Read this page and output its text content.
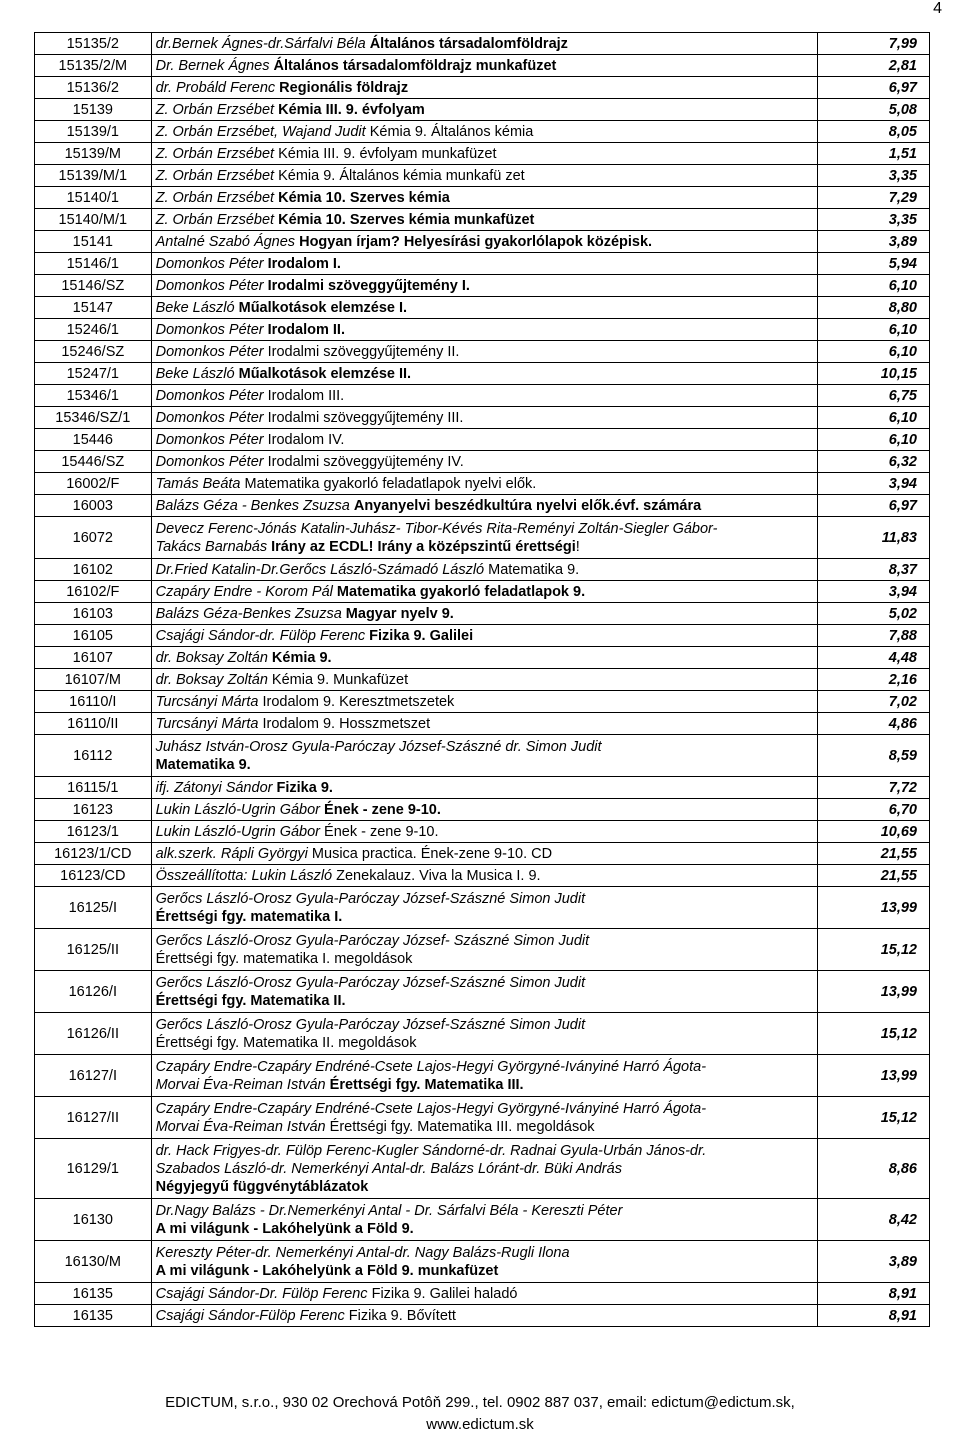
4
15135/2	dr.Bernek Ágnes-dr.Sárfalvi Béla Általános társadalomföldrajz	7,99
15135/2/M	Dr. Bernek Ágnes Általános társadalomföldrajz munkafüzet	2,81
15136/2	dr. Probáld Ferenc Regionális földrajz	6,97
15139	Z. Orbán Erzsébet Kémia III. 9. évfolyam	5,08
15139/1	Z. Orbán Erzsébet, Wajand Judit Kémia 9. Általános kémia	8,05
15139/M	Z. Orbán Erzsébet Kémia III. 9. évfolyam munkafüzet	1,51
15139/M/1	Z. Orbán Erzsébet Kémia 9. Általános kémia munkafü zet	3,35
15140/1	Z. Orbán Erzsébet Kémia 10. Szerves kémia	7,29
15140/M/1	Z. Orbán Erzsébet Kémia 10. Szerves kémia munkafüzet	3,35
15141	Antalné Szabó Ágnes Hogyan írjam? Helyesírási gyakorlólapok középisk.	3,89
15146/1	Domonkos Péter Irodalom I.	5,94
15146/SZ	Domonkos Péter Irodalmi szöveggyűjtemény I.	6,10
15147	Beke László Műalkotások elemzése I.	8,80
15246/1	Domonkos Péter Irodalom II.	6,10
15246/SZ	Domonkos Péter Irodalmi szöveggyűjtemény II.	6,10
15247/1	Beke László Műalkotások elemzése II.	10,15
15346/1	Domonkos Péter Irodalom III.	6,75
15346/SZ/1	Domonkos Péter Irodalmi szöveggyűjtemény III.	6,10
15446	Domonkos Péter Irodalom IV.	6,10
15446/SZ	Domonkos Péter Irodalmi szöveggyüjtemény IV.	6,32
16002/F	Tamás Beáta Matematika gyakorló feladatlapok nyelvi elők.	3,94
16003	Balázs Géza - Benkes Zsuzsa Anyanyelvi beszédkultúra nyelvi elők.évf. számára	6,97
16072	Devecz Ferenc-Jónás Katalin-Juhász- Tibor-Kévés Rita-Reményi Zoltán-Siegler Gábor-
Takács Barnabás Irány az ECDL! Irány a középszintű érettségi!	11,83
16102	Dr.Fried Katalin-Dr.Gerőcs László-Számadó László Matematika 9.	8,37
16102/F	Czapáry Endre - Korom Pál Matematika gyakorló feladatlapok 9.	3,94
16103	Balázs Géza-Benkes Zsuzsa Magyar nyelv 9.	5,02
16105	Csajági Sándor-dr. Fülöp Ferenc Fizika 9. Galilei	7,88
16107	dr. Boksay Zoltán Kémia 9.	4,48
16107/M	dr. Boksay Zoltán Kémia 9. Munkafüzet	2,16
16110/I	Turcsányi Márta Irodalom 9. Keresztmetszetek	7,02
16110/II	Turcsányi Márta Irodalom 9. Hosszmetszet	4,86
16112	Juhász István-Orosz Gyula-Paróczay József-Szászné dr. Simon Judit
Matematika 9.	8,59
16115/1	ifj. Zátonyi Sándor Fizika 9.	7,72
16123	Lukin László-Ugrin Gábor Ének - zene 9-10.	6,70
16123/1	Lukin László-Ugrin Gábor Ének - zene 9-10.	10,69
16123/1/CD	alk.szerk. Rápli Györgyi Musica practica. Ének-zene 9-10. CD	21,55
16123/CD	Összeállította: Lukin László Zenekalauz. Viva la Musica I. 9.	21,55
16125/I	Gerőcs László-Orosz Gyula-Paróczay József-Szászné Simon Judit
Érettségi fgy. matematika I.	13,99
16125/II	Gerőcs László-Orosz Gyula-Paróczay József- Szászné Simon Judit
Érettségi fgy. matematika I. megoldások	15,12
16126/I	Gerőcs László-Orosz Gyula-Paróczay József-Szászné Simon Judit
Érettségi fgy. Matematika II.	13,99
16126/II	Gerőcs László-Orosz Gyula-Paróczay József-Szászné Simon Judit
Érettségi fgy. Matematika II. megoldások	15,12
16127/I	Czapáry Endre-Czapáry Endréné-Csete Lajos-Hegyi Györgyné-Iványiné Harró Ágota-
Morvai Éva-Reiman István Érettségi fgy. Matematika III.	13,99
16127/II	Czapáry Endre-Czapáry Endréné-Csete Lajos-Hegyi Györgyné-Iványiné Harró Ágota-
Morvai Éva-Reiman István Érettségi fgy. Matematika III. megoldások	15,12
16129/1	dr. Hack Frigyes-dr. Fülöp Ferenc-Kugler Sándorné-dr. Radnai Gyula-Urbán János-dr.
Szabados László-dr. Nemerkényi Antal-dr. Balázs Lóránt-dr. Büki András
Négyjegyű függvénytáblázatok	8,86
16130	Dr.Nagy Balázs - Dr.Nemerkényi Antal - Dr. Sárfalvi Béla - Kereszti Péter
A mi világunk - Lakóhelyünk a Föld 9.	8,42
16130/M	Kereszty Péter-dr. Nemerkényi Antal-dr. Nagy Balázs-Rugli Ilona
A mi világunk - Lakóhelyünk a Föld 9. munkafüzet	3,89
16135	Csajági Sándor-Dr. Fülöp Ferenc Fizika 9. Galilei haladó	8,91
16135	Csajági Sándor-Fülöp Ferenc Fizika 9. Bővített	8,91
EDICTUM, s.r.o., 930 02 Orechová Potôň 299., tel. 0902 887 037, email: edictum@edictum.sk,
www.edictum.sk
